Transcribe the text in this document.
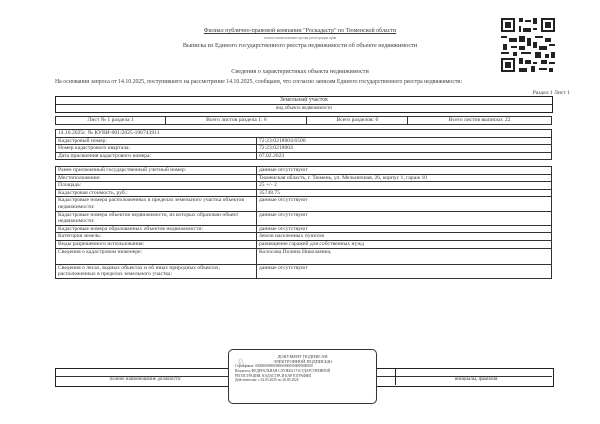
Филиал публично-правовой компании "Роскадастр" по Тюменской области
полное наименование органа регистрации прав
Выписка из Единого государственного реестра недвижимости об объекте недвижимости
Сведения о характеристиках объекта недвижимости
На основании запроса от 14.10.2025, поступившего на рассмотрение 14.10.2025, сообщаем, что согласно записям Единого государственного реестра недвижимости:
Раздел 1 Лист 1
Земельный участок
вид объекта недвижимости
Лист № 1 раздела 1	Всего листов раздела 1: 6	Всего разделов: 6	Всего листов выписки: 22
14.10.2025г. № КУВИ-001/2025-196743911	
Кадастровый номер:	72:23:0218004:6508
Номер кадастрового квартала:	72:23:0218004
Дата присвоения кадастрового номера:	07.02.2023
Ранее присвоенный государственный учетный номер:	данные отсутствуют
Местоположение:	Тюменская область, г. Тюмень, ул. Мельничная, 26, корпус 1, гараж 10
Площадь:	25 +/- 2
Кадастровая стоимость, руб.:	35748.75
Кадастровые номера расположенных в пределах земельного участка объектов недвижимости:	данные отсутствуют
Кадастровые номера объектов недвижимости, из которых образован объект недвижимости:	данные отсутствуют
Кадастровые номера образованных объектов недвижимости:	данные отсутствуют
Категория земель:	Земли населенных пунктов
Виды разрешенного использования:	размещение гаражей для собственных нужд
Сведения о кадастровом инженере:	Колосова Полина Николаевна,
Сведения о лесах, водных объектах и об иных природных объектах, расположенных в пределах земельного участка:	данные отсутствуют
полное наименование должности	инициалы, фамилия
♘
ДОКУМЕНТ ПОДПИСАН
ЭЛЕКТРОННОЙ ПОДПИСЬЮ
Сертификат: 00000000000000000000000000000000
Владелец: ФЕДЕРАЛЬНАЯ СЛУЖБА ГОСУДАРСТВЕННОЙ
РЕГИСТРАЦИИ, КАДАСТРА И КАРТОГРАФИИ
Действителен: с 02.03.2025 по 26.05.2026
